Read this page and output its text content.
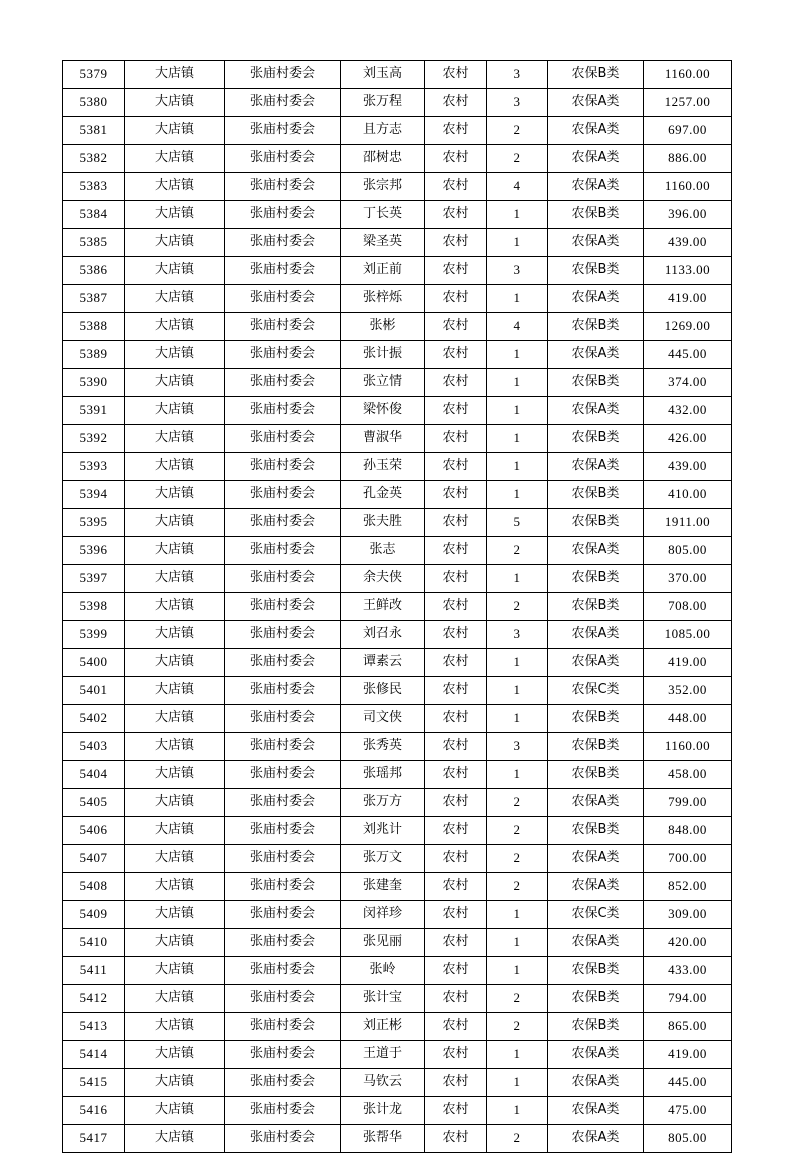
5379	大店镇	张庙村委会	刘玉高	农村	3	农保B类	1160.00
5380	大店镇	张庙村委会	张万程	农村	3	农保A类	1257.00
5381	大店镇	张庙村委会	且方志	农村	2	农保A类	697.00
5382	大店镇	张庙村委会	邵树忠	农村	2	农保A类	886.00
5383	大店镇	张庙村委会	张宗邦	农村	4	农保A类	1160.00
5384	大店镇	张庙村委会	丁长英	农村	1	农保B类	396.00
5385	大店镇	张庙村委会	梁圣英	农村	1	农保A类	439.00
5386	大店镇	张庙村委会	刘正前	农村	3	农保B类	1133.00
5387	大店镇	张庙村委会	张梓烁	农村	1	农保A类	419.00
5388	大店镇	张庙村委会	张彬	农村	4	农保B类	1269.00
5389	大店镇	张庙村委会	张计振	农村	1	农保A类	445.00
5390	大店镇	张庙村委会	张立情	农村	1	农保B类	374.00
5391	大店镇	张庙村委会	梁怀俊	农村	1	农保A类	432.00
5392	大店镇	张庙村委会	曹淑华	农村	1	农保B类	426.00
5393	大店镇	张庙村委会	孙玉荣	农村	1	农保A类	439.00
5394	大店镇	张庙村委会	孔金英	农村	1	农保B类	410.00
5395	大店镇	张庙村委会	张夫胜	农村	5	农保B类	1911.00
5396	大店镇	张庙村委会	张志	农村	2	农保A类	805.00
5397	大店镇	张庙村委会	余夫侠	农村	1	农保B类	370.00
5398	大店镇	张庙村委会	王鲜改	农村	2	农保B类	708.00
5399	大店镇	张庙村委会	刘召永	农村	3	农保A类	1085.00
5400	大店镇	张庙村委会	谭素云	农村	1	农保A类	419.00
5401	大店镇	张庙村委会	张修民	农村	1	农保C类	352.00
5402	大店镇	张庙村委会	司文侠	农村	1	农保B类	448.00
5403	大店镇	张庙村委会	张秀英	农村	3	农保B类	1160.00
5404	大店镇	张庙村委会	张瑶邦	农村	1	农保B类	458.00
5405	大店镇	张庙村委会	张万方	农村	2	农保A类	799.00
5406	大店镇	张庙村委会	刘兆计	农村	2	农保B类	848.00
5407	大店镇	张庙村委会	张万文	农村	2	农保A类	700.00
5408	大店镇	张庙村委会	张建奎	农村	2	农保A类	852.00
5409	大店镇	张庙村委会	闵祥珍	农村	1	农保C类	309.00
5410	大店镇	张庙村委会	张见丽	农村	1	农保A类	420.00
5411	大店镇	张庙村委会	张岭	农村	1	农保B类	433.00
5412	大店镇	张庙村委会	张计宝	农村	2	农保B类	794.00
5413	大店镇	张庙村委会	刘正彬	农村	2	农保B类	865.00
5414	大店镇	张庙村委会	王道于	农村	1	农保A类	419.00
5415	大店镇	张庙村委会	马钦云	农村	1	农保A类	445.00
5416	大店镇	张庙村委会	张计龙	农村	1	农保A类	475.00
5417	大店镇	张庙村委会	张帮华	农村	2	农保A类	805.00
